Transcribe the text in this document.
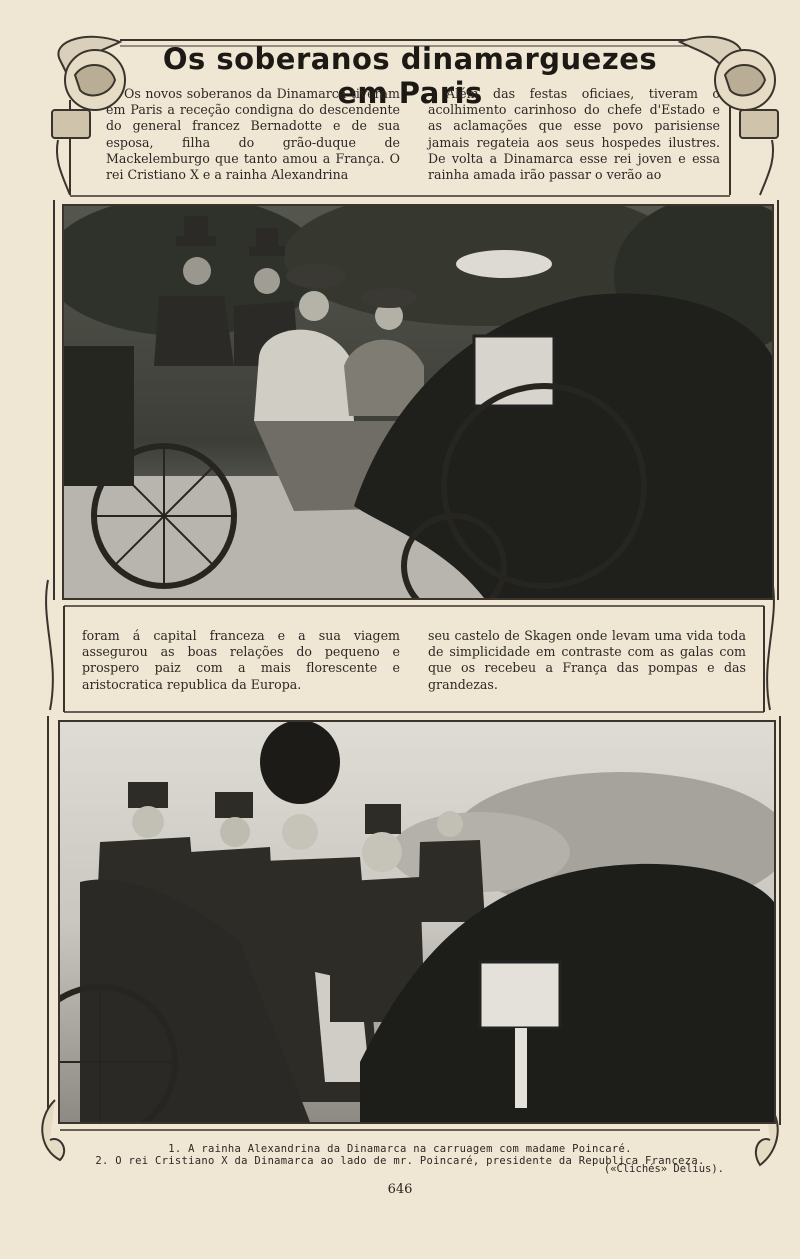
Os soberanos dinamarguezes em Paris

Os novos soberanos da Dinamarca tiveram em Paris a receção condigna do descendente do general francez Bernadotte e de sua esposa, filha do grão-duque de Mackelemburgo que tanto amou a França. O rei Cristiano X e a rainha Alexandrina

Além das festas oficiaes, tiveram o acolhimento carinhoso do chefe d'Estado e as aclamações que esse povo parisiense jamais regateia aos seus hospedes ilustres. De volta a Dinamarca esse rei joven e essa rainha amada irão passar o verão ao

foram á capital franceza e a sua viagem assegurou as boas relações do pequeno e prospero paiz com a mais florescente e aristocratica republica da Europa.

seu castelo de Skagen onde levam uma vida toda de simplicidade em contraste com as galas com que os recebeu a França das pompas e das grandezas.

1. A rainha Alexandrina da Dinamarca na carruagem com madame Poincaré.
2. O rei Cristiano X da Dinamarca ao lado de mr. Poincaré, presidente da Republica Franceza.
(«Clichés» Delius).
646
